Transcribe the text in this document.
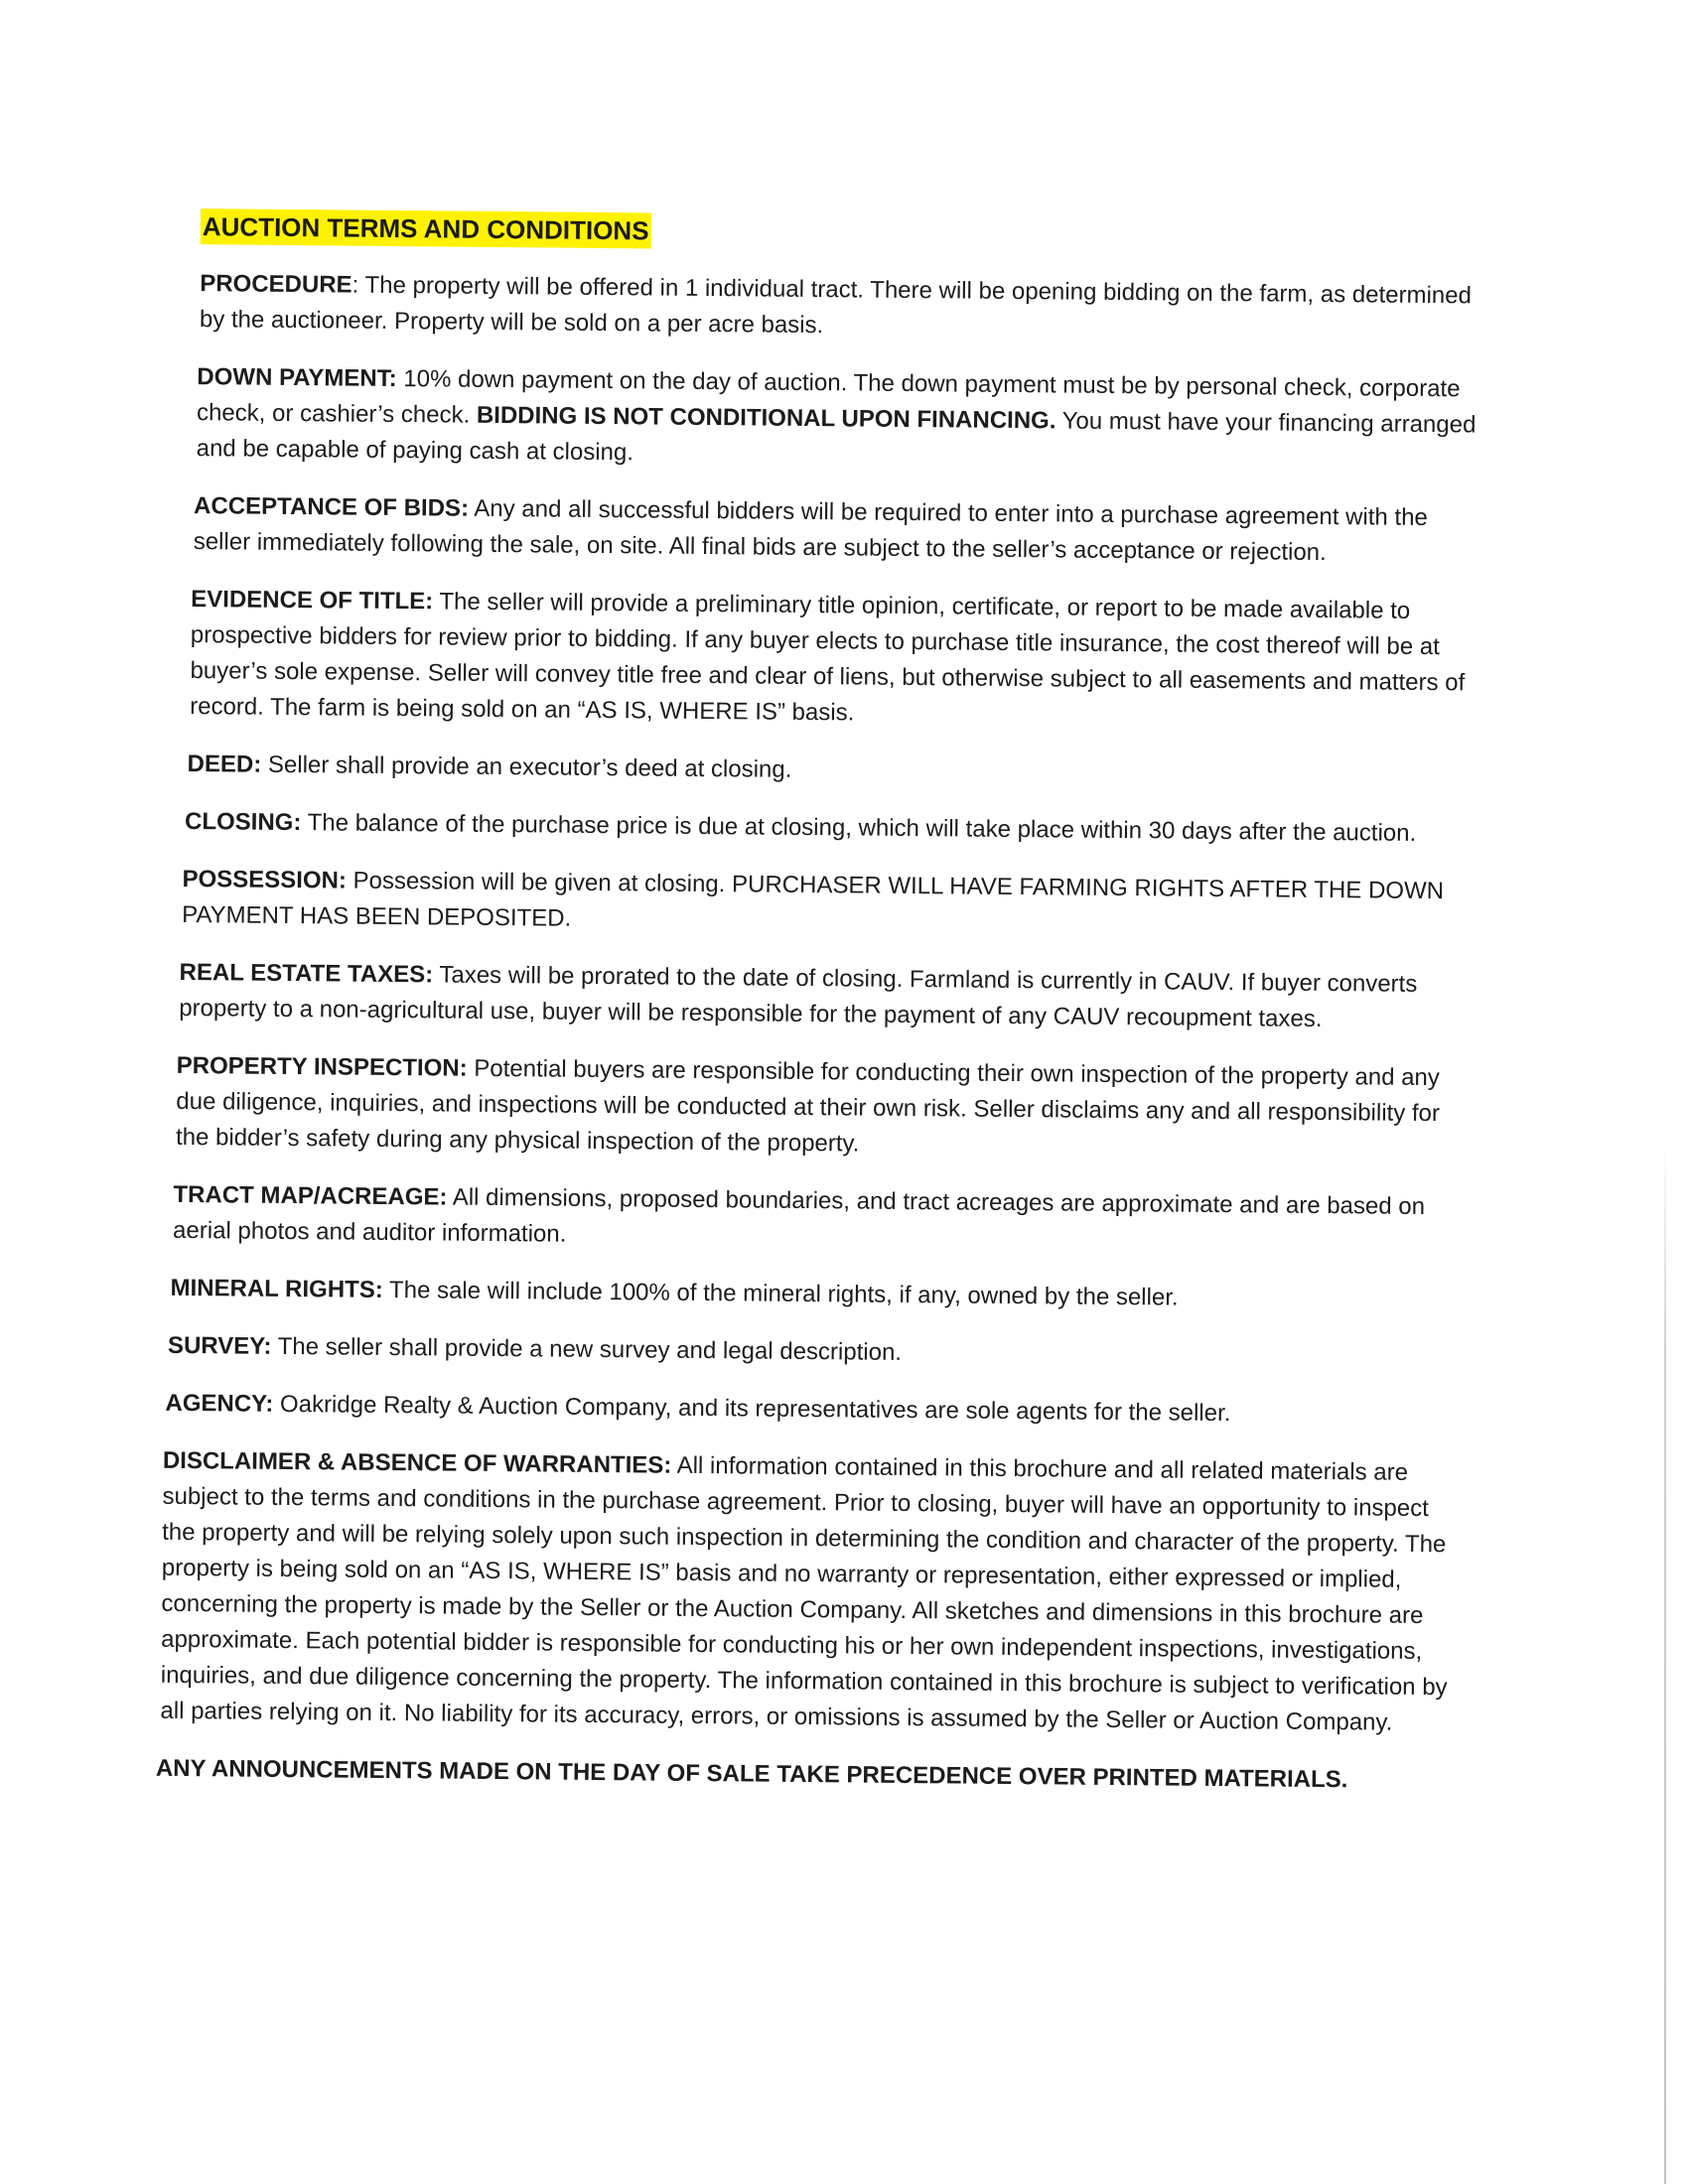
AUCTION TERMS AND CONDITIONS

PROCEDURE: The property will be offered in 1 individual tract. There will be opening bidding on the farm, as determined by the auctioneer. Property will be sold on a per acre basis.

DOWN PAYMENT: 10% down payment on the day of auction. The down payment must be by personal check, corporate check, or cashier’s check. BIDDING IS NOT CONDITIONAL UPON FINANCING. You must have your financing arranged and be capable of paying cash at closing.

ACCEPTANCE OF BIDS: Any and all successful bidders will be required to enter into a purchase agreement with the seller immediately following the sale, on site. All final bids are subject to the seller’s acceptance or rejection.

EVIDENCE OF TITLE: The seller will provide a preliminary title opinion, certificate, or report to be made available to prospective bidders for review prior to bidding. If any buyer elects to purchase title insurance, the cost thereof will be at buyer’s sole expense. Seller will convey title free and clear of liens, but otherwise subject to all easements and matters of record. The farm is being sold on an “AS IS, WHERE IS” basis.

DEED: Seller shall provide an executor’s deed at closing.

CLOSING: The balance of the purchase price is due at closing, which will take place within 30 days after the auction.

POSSESSION: Possession will be given at closing. PURCHASER WILL HAVE FARMING RIGHTS AFTER THE DOWN PAYMENT HAS BEEN DEPOSITED.

REAL ESTATE TAXES: Taxes will be prorated to the date of closing. Farmland is currently in CAUV. If buyer converts property to a non-agricultural use, buyer will be responsible for the payment of any CAUV recoupment taxes.

PROPERTY INSPECTION: Potential buyers are responsible for conducting their own inspection of the property and any due diligence, inquiries, and inspections will be conducted at their own risk. Seller disclaims any and all responsibility for the bidder’s safety during any physical inspection of the property.

TRACT MAP/ACREAGE: All dimensions, proposed boundaries, and tract acreages are approximate and are based on aerial photos and auditor information.

MINERAL RIGHTS: The sale will include 100% of the mineral rights, if any, owned by the seller.

SURVEY: The seller shall provide a new survey and legal description.

AGENCY: Oakridge Realty & Auction Company, and its representatives are sole agents for the seller.

DISCLAIMER & ABSENCE OF WARRANTIES: All information contained in this brochure and all related materials are subject to the terms and conditions in the purchase agreement. Prior to closing, buyer will have an opportunity to inspect the property and will be relying solely upon such inspection in determining the condition and character of the property. The property is being sold on an “AS IS, WHERE IS” basis and no warranty or representation, either expressed or implied, concerning the property is made by the Seller or the Auction Company. All sketches and dimensions in this brochure are approximate. Each potential bidder is responsible for conducting his or her own independent inspections, investigations, inquiries, and due diligence concerning the property. The information contained in this brochure is subject to verification by all parties relying on it. No liability for its accuracy, errors, or omissions is assumed by the Seller or Auction Company.

ANY ANNOUNCEMENTS MADE ON THE DAY OF SALE TAKE PRECEDENCE OVER PRINTED MATERIALS.
